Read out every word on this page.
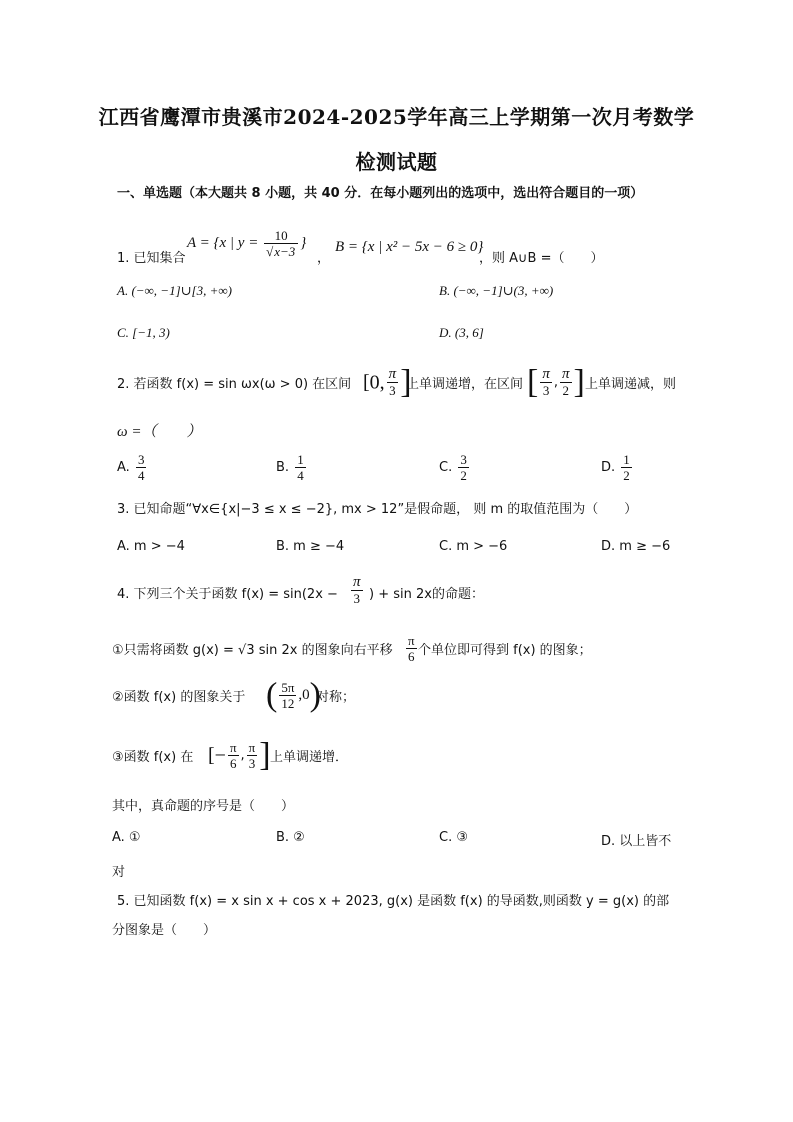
江西省鹰潭市贵溪市2024-2025学年高三上学期第一次月考数学
检测试题
一、单选题（本大题共 8 小题，共 40 分．在每小题列出的选项中，选出符合题目的一项）
1. 已知集合
A = {x | $y = \frac{10}{√x-3}$ }
，
B = {x | x² − 5x − 6 ≥ 0}
，则 A∪B =（　　）
A. (−∞, −1]∪[3, +∞)	B. (−∞, −1]∪(3, +∞)
C. [−1, 3)	D. (3, 6]
2. 若函数 f(x) = sin ωx(ω > 0) 在区间 [0, $\frac{\pi}{3}$ ]
上单调递增，在区间 [ $\frac{\pi}{3}$ , $\frac{\pi}{2}$ ] 上单调递减，则
ω =（　　）
A. $\frac{3}{4}$	B. $\frac{1}{4}$	C. $\frac{3}{2}$	D. $\frac{1}{2}$
3. 已知命题“∀x∈{x|−3 ≤ x ≤ −2}, mx > 12”是假命题， 则 m 的取值范围为（　　）
A. m > −4	B. m ≥ −4	C. m > −6	D. m ≥ −6
4. 下列三个关于函数 $f(x) = \sin(2x - \frac{\pi}{3}$ ) + sin 2x的命题：
①只需将函数 g(x) = √3 sin 2x 的图象向右平移 $\frac{\pi}{6}$ 个单位即可得到 f(x) 的图象；
②函数 f(x) 的图象关于 ( $\frac{5\pi}{12} ,0$)
对称；
③函数 f(x) 在 [− $\frac{\pi}{6}$ , $\frac{\pi}{3}$ ] 上单调递增．
其中，真命题的序号是（　　）
A. ①	B. ②	C. ③	D. 以上皆不
对
5. 已知函数 f(x) = x sin x + cos x + 2023, g(x) 是函数 f(x) 的导函数,则函数 y = g(x) 的部
分图象是（　　）
